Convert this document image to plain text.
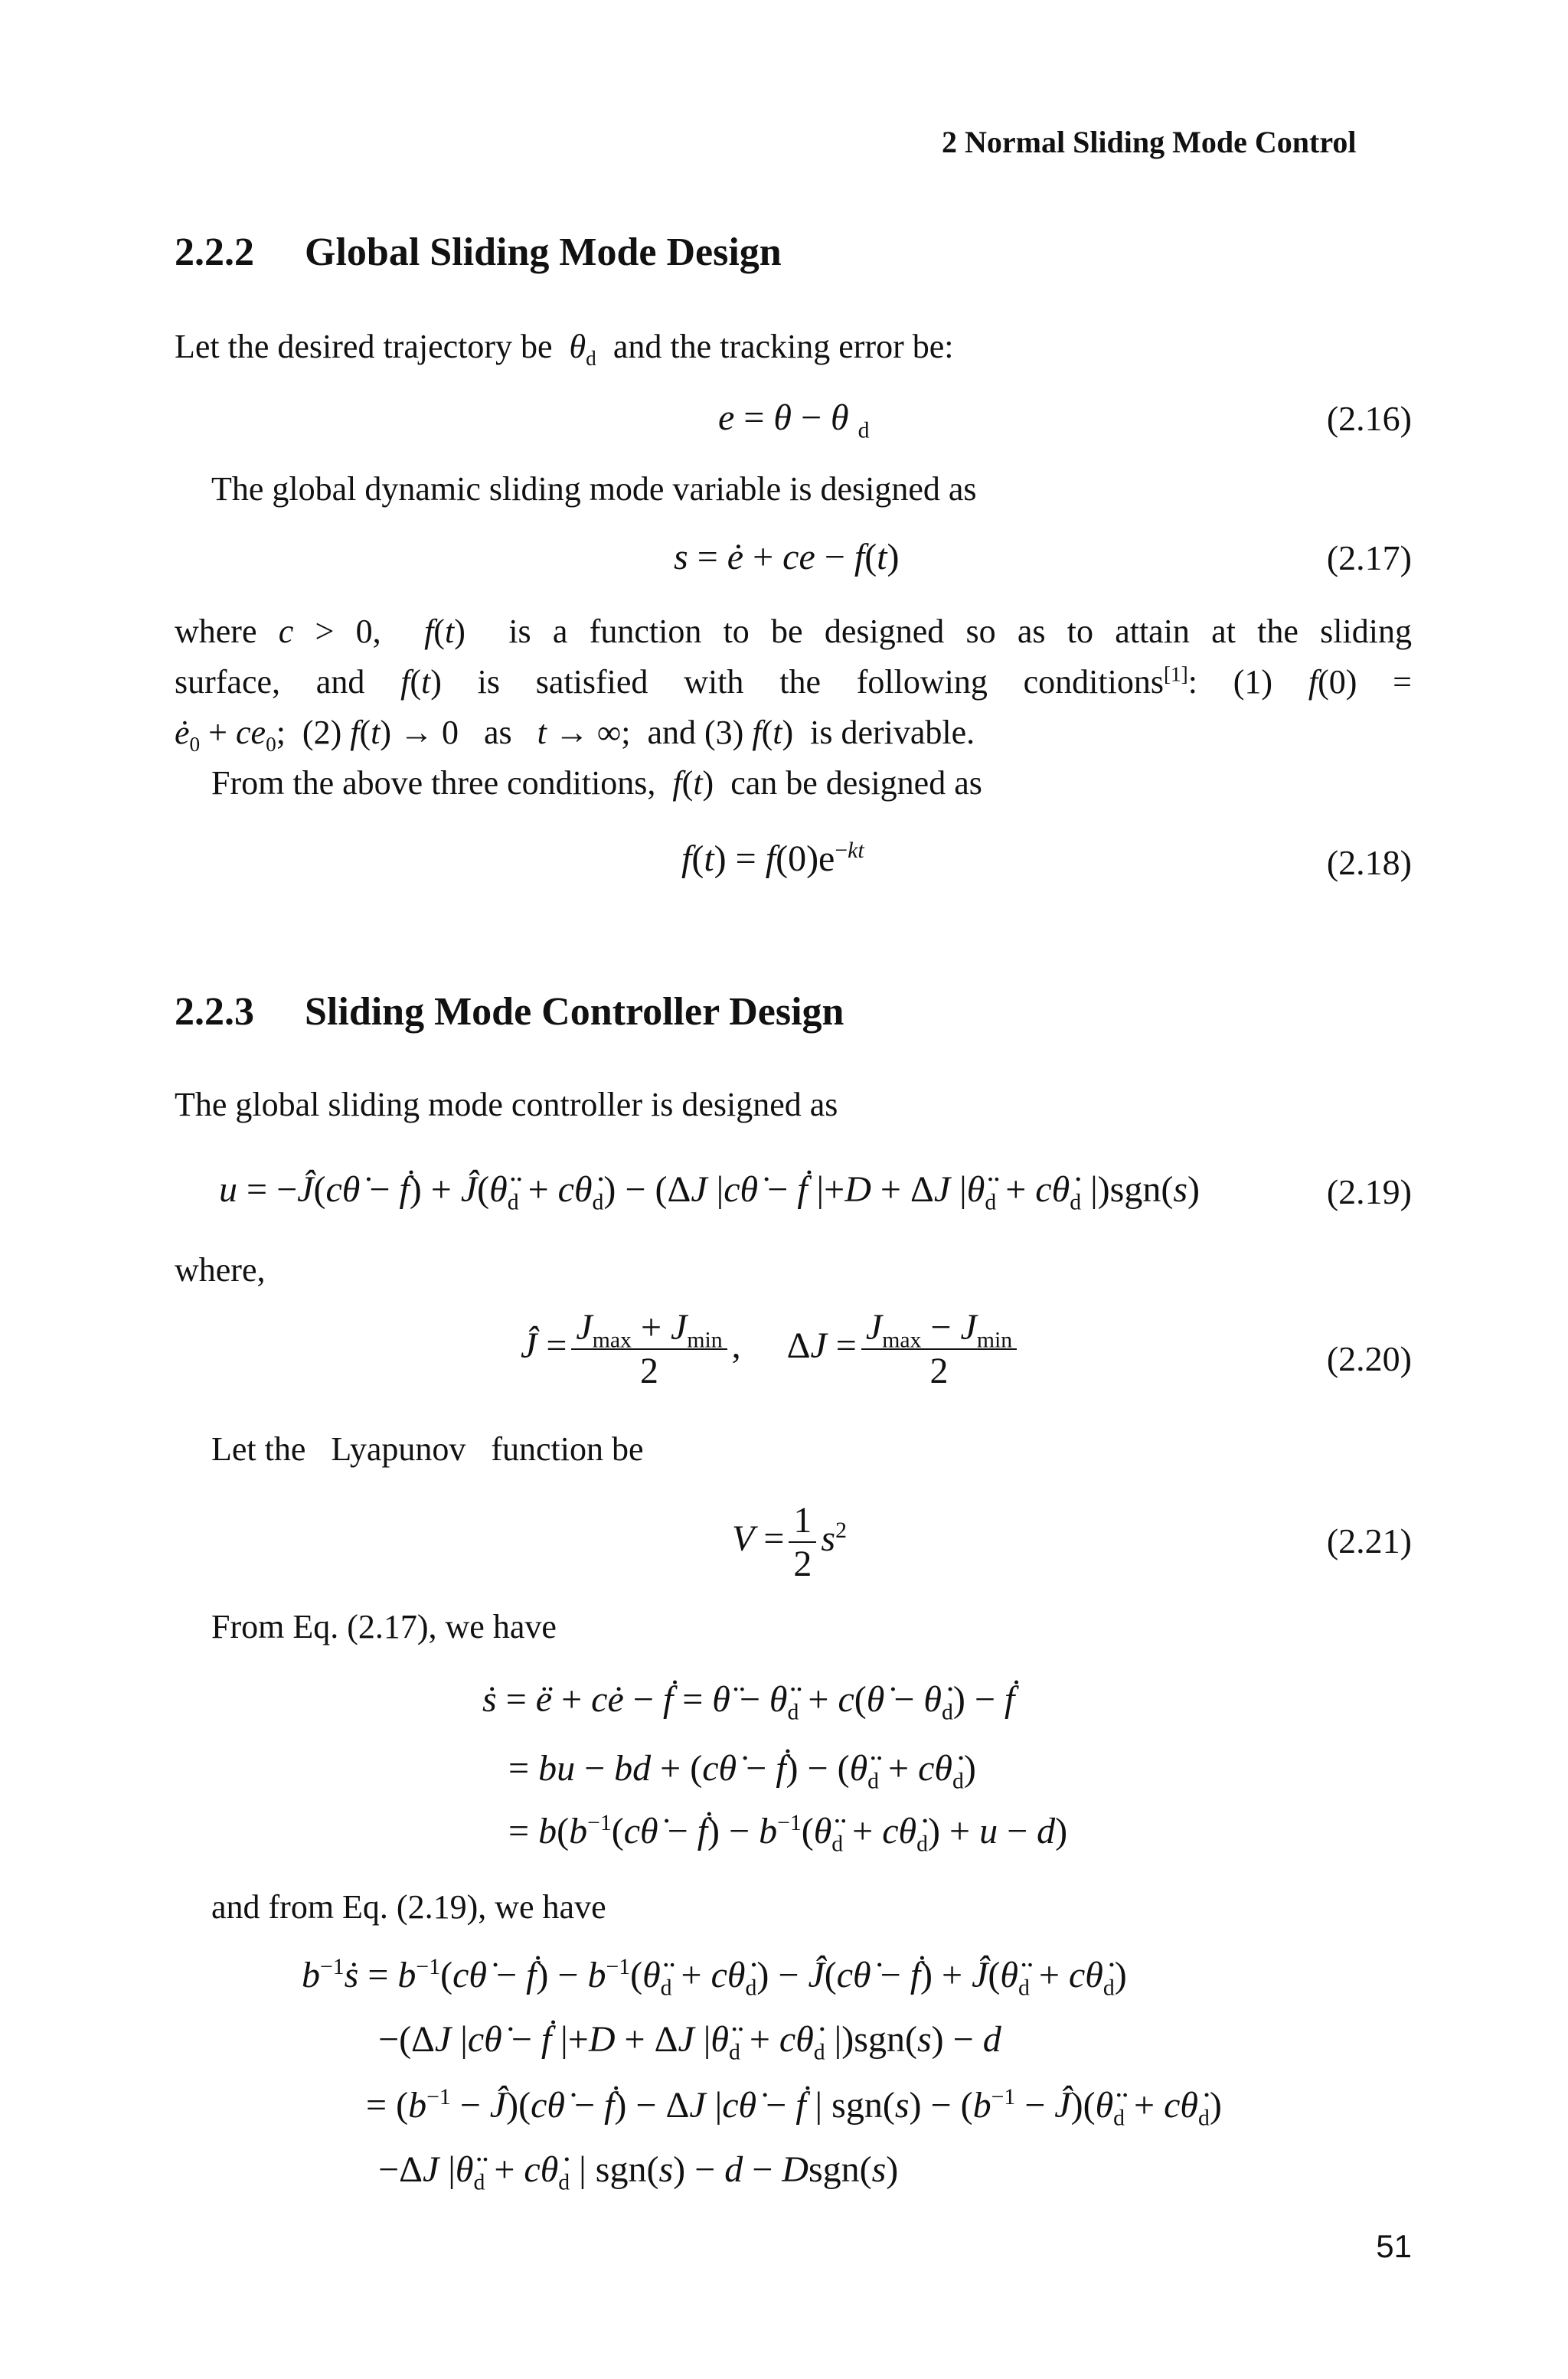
2 Normal Sliding Mode Control
2.2.2 Global Sliding Mode Design
Let the desired trajectory be  $\theta_d$ and the tracking error be:
e = θ − θ $_d$	(2.16)
The global dynamic sliding mode variable is designed as
s = ė + ce − f(t)	(2.17)
where c > 0,  f(t)  is a function to be designed so as to attain at the sliding
surface, and f(t) is satisfied with the following conditions[1]: (1) f(0) =
$ė_0 + ce_0$;  (2) f(t) → 0   as   t → ∞;  and (3) f(t)  is derivable.
From the above three conditions,  f(t)  can be designed as
$f(t) = f(0)e^{-kt}$	(2.18)
2.2.3 Sliding Mode Controller Design
The global sliding mode controller is designed as
u = −Ĵ(cθ̇ − ḟ) + $Ĵ(\thetä_d$ + $c\thetȧ_d) - (\Delta J$ |cθ̇ − ḟ |+D + ΔJ $|\thetä_d$ + $c\thetȧ_d$ |)sgn(s)	(2.19)
where,
Ĵ = $\frac{J_{max} + J_{min}}{2}$ ,     $\Delta J = \frac{J_{max} - J_{min}}{2}$	(2.20)
Let the   Lyapunov   function be
$V = \frac{1}{2} s^2$	(2.21)
From Eq. (2.17), we have
ṡ = ë + cė − ḟ = θ̈ − $\thetä_d$ + c(θ̇ − $\thetȧ_d$) − ḟ
= bu − bd + (cθ̇ − ḟ) − ($\thetä_d$ + $c\thetȧ_d$)
= $b(b^{-1}(c\thetȧ$ − ḟ) − $b^{-1}(\thetä_d$ + $c\thetȧ_d) + u - d$)
and from Eq. (2.19), we have
$b^{-1}ṡ$ = $b^{-1}(c\thetȧ$ − ḟ) − $b^{-1}(\thetä_d$ + $c\thetȧ_d$) − Ĵ(cθ̇ − ḟ) + $Ĵ(\thetä_d$ + $c\thetȧ_d$)
−(ΔJ |cθ̇ − ḟ |+D + ΔJ $|\thetä_d$ + $c\thetȧ_d$ |)sgn(s) − d
= ($b^{-1}$ − Ĵ)(cθ̇ − ḟ) − ΔJ |cθ̇ − ḟ | $sgn(s) - (b^{-1}$ − $Ĵ)(\thetä_d$ + $c\thetȧ_d$)
−ΔJ $|\thetä_d$ + $c\thetȧ_d$ | sgn(s) − d − Dsgn(s)
51
